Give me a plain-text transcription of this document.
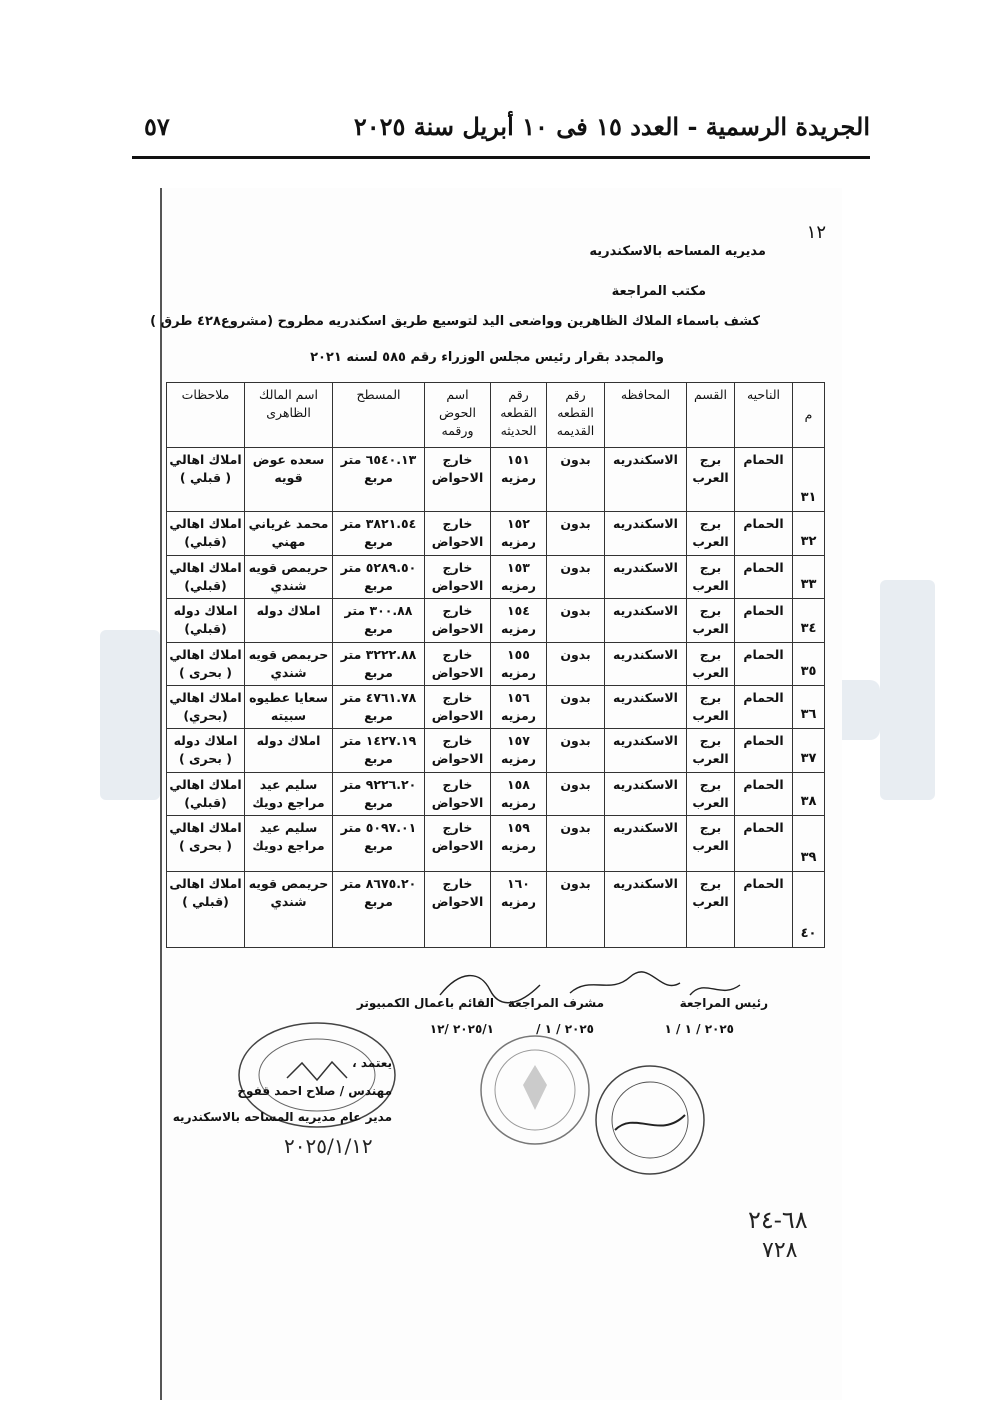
الجريدة الرسمية - العدد ١٥ فى ١٠ أبريل سنة ٢٠٢٥
٥٧
مديريه المساحه بالاسكندريه
١٢
مكتب المراجعة
كشف باسماء الملاك الظاهرين وواضعى اليد لتوسيع طريق اسكندريه مطروح (مشروع٤٢٨ طرق )
والمجدد بقرار رئيس مجلس الوزراء رقم ٥٨٥ لسنه ٢٠٢١
م	الناحيه	القسم	المحافظه	رقم القطعه القديمه	رقم القطعه الحديثه	اسم الحوض ورقمه	المسطح	اسم المالك الظاهرى	ملاحظات
٣١	الحمام	برج العرب	الاسكندريه	بدون	١٥١ رمزيه	خارج الاحواض	٦٥٤٠.١٣ متر مربع	سعده عوض قويه	املاك اهالي ( قبلي )
٣٢	الحمام	برج العرب	الاسكندريه	بدون	١٥٢ رمزيه	خارج الاحواض	٣٨٢١.٥٤ متر مربع	محمد غرياني مهني	املاك اهالي (قبلي)
٣٣	الحمام	برج العرب	الاسكندريه	بدون	١٥٣ رمزيه	خارج الاحواض	٥٢٨٩.٥٠ متر مربع	حريمص قويه شندي	املاك اهالي (قبلي)
٣٤	الحمام	برج العرب	الاسكندريه	بدون	١٥٤ رمزيه	خارج الاحواض	٣٠٠.٨٨ متر مربع	املاك دوله	املاك دوله (قبلي)
٣٥	الحمام	برج العرب	الاسكندريه	بدون	١٥٥ رمزيه	خارج الاحواض	٣٢٢٢.٨٨ متر مربع	حريمص قويه شندي	املاك اهالي ( بحرى )
٣٦	الحمام	برج العرب	الاسكندريه	بدون	١٥٦ رمزيه	خارج الاحواض	٤٧٦١.٧٨ متر مربع	سعايا عطيوه سبيته	املاك اهالي (بحري)
٣٧	الحمام	برج العرب	الاسكندريه	بدون	١٥٧ رمزيه	خارج الاحواض	١٤٢٧.١٩ متر مربع	املاك دوله	املاك دوله ( بحرى )
٣٨	الحمام	برج العرب	الاسكندريه	بدون	١٥٨ رمزيه	خارج الاحواض	٩٢٢٦.٢٠ متر مربع	سليم عيد مراجع دويك	املاك اهالي (قبلي)
٣٩	الحمام	برج العرب	الاسكندريه	بدون	١٥٩ رمزيه	خارج الاحواض	٥٠٩٧.٠١ متر مربع	سليم عيد مراجع دويك	املاك اهالي ( بحرى )
٤٠	الحمام	برج العرب	الاسكندريه	بدون	١٦٠ رمزيه	خارج الاحواض	٨٦٧٥.٢٠ متر مربع	حريمص قويه شندي	املاك اهالى (قبلي )
رئيس المراجعة
مشرف المراجعة
القائم باعمال الكمبيوتر
٢٠٢٥ / ١ / ١
٢٠٢٥ / ١ /
٢٠٢٥/١ /١٢
يعتمد ،
مهندس / صلاح احمد قفوح
مدير عام مديريه المساحه بالاسكندريه
٢٠٢٥/١/١٢
٦٨-٢٤
٧٢٨
